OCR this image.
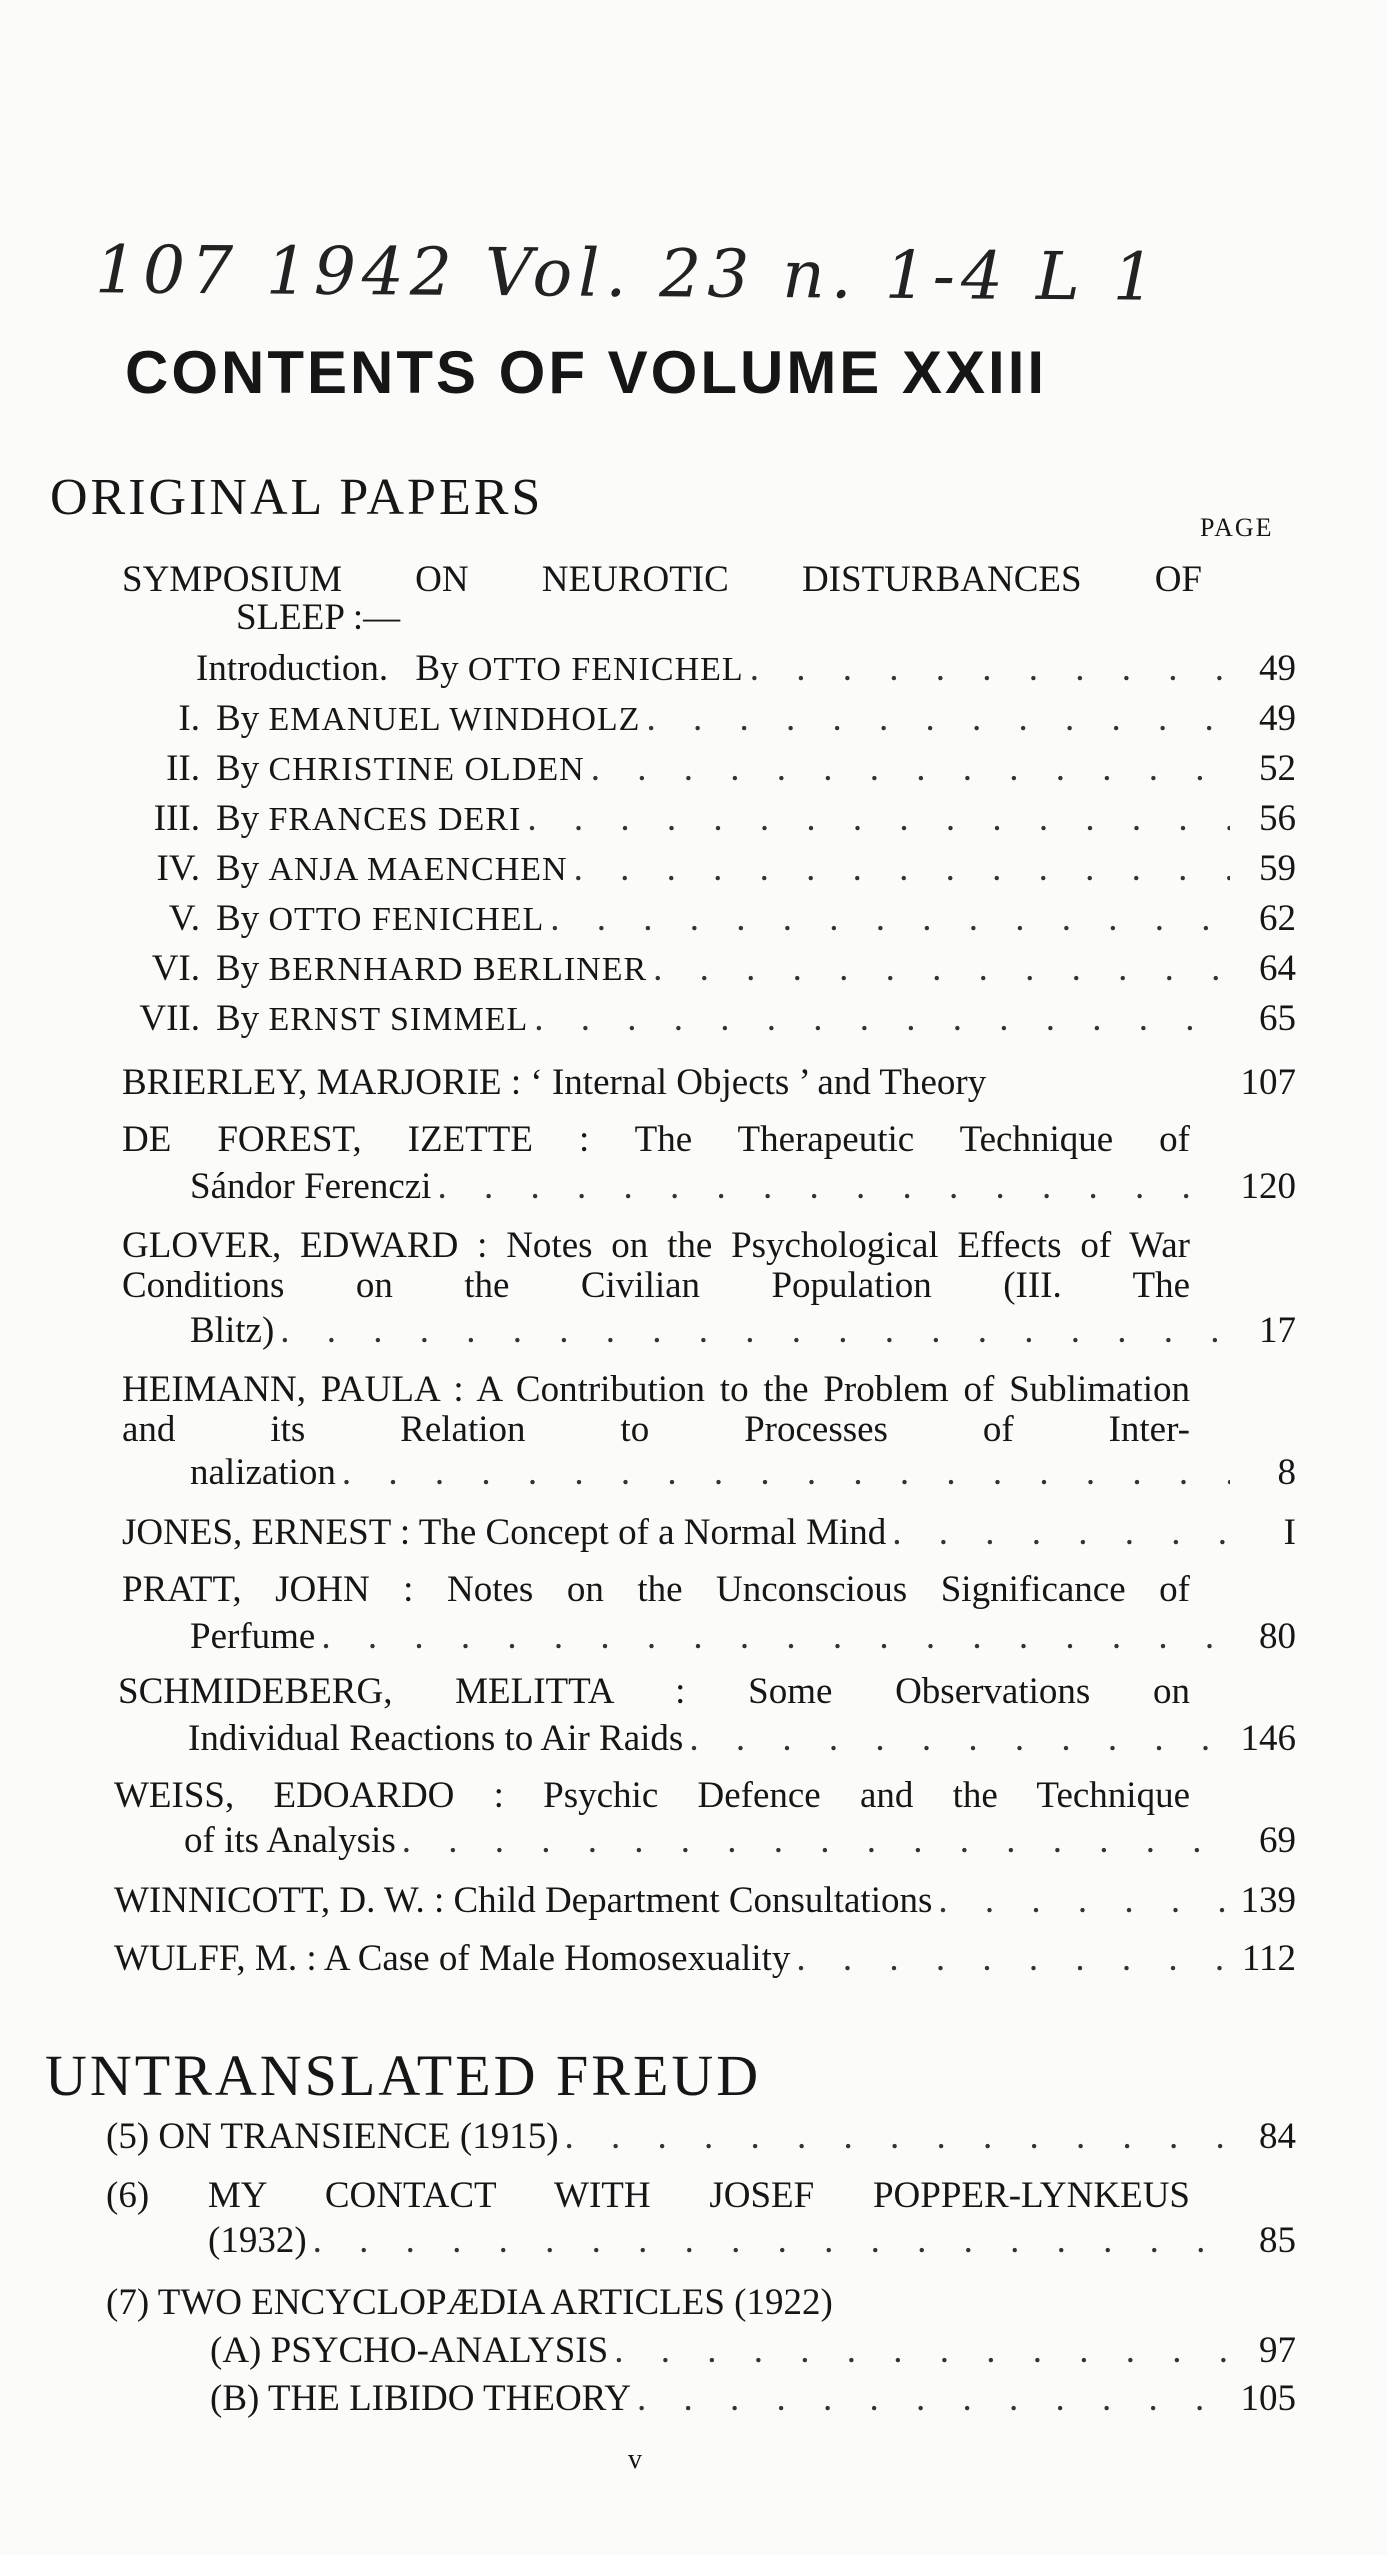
107 1942 Vol. 23 n. 1-4 L 1
CONTENTS OF VOLUME XXIII
ORIGINAL PAPERS
PAGE
SYMPOSIUM ON NEUROTIC DISTURBANCES OF
SLEEP :—
Introduction. By OTTO FENICHEL . . .	49
I. By EMANUEL WINDHOLZ . . .	49
II. By CHRISTINE OLDEN . . .	52
III. By FRANCES DERI . . .	56
IV. By ANJA MAENCHEN . . .	59
V. By OTTO FENICHEL . . .	62
VI. By BERNHARD BERLINER . . .	64
VII. By ERNST SIMMEL . . .	65
BRIERLEY, MARJORIE : ‘ Internal Objects ’ and Theory	107
DE FOREST, IZETTE : The Therapeutic Technique of
Sándor Ferenczi . . .	120
GLOVER, EDWARD : Notes on the Psychological Effects of War Conditions on the Civilian Population (III. The
Blitz) . . .	17
HEIMANN, PAULA : A Contribution to the Problem of Sublimation and its Relation to Processes of Inter-
nalization . . .	8
JONES, ERNEST : The Concept of a Normal Mind . . .	I
PRATT, JOHN : Notes on the Unconscious Significance of
Perfume . . .	80
SCHMIDEBERG, MELITTA : Some Observations on
Individual Reactions to Air Raids . . .	146
WEISS, EDOARDO : Psychic Defence and the Technique
of its Analysis . . .	69
WINNICOTT, D. W. : Child Department Consultations . . .	139
WULFF, M. : A Case of Male Homosexuality . . .	112
UNTRANSLATED FREUD
(5) ON TRANSIENCE (1915) . . .	84
(6) MY CONTACT WITH JOSEF POPPER-LYNKEUS
(1932) . . .	85
(7) TWO ENCYCLOPÆDIA ARTICLES (1922)
(A) PSYCHO-ANALYSIS . . .	97
(B) THE LIBIDO THEORY . . .	105
v
